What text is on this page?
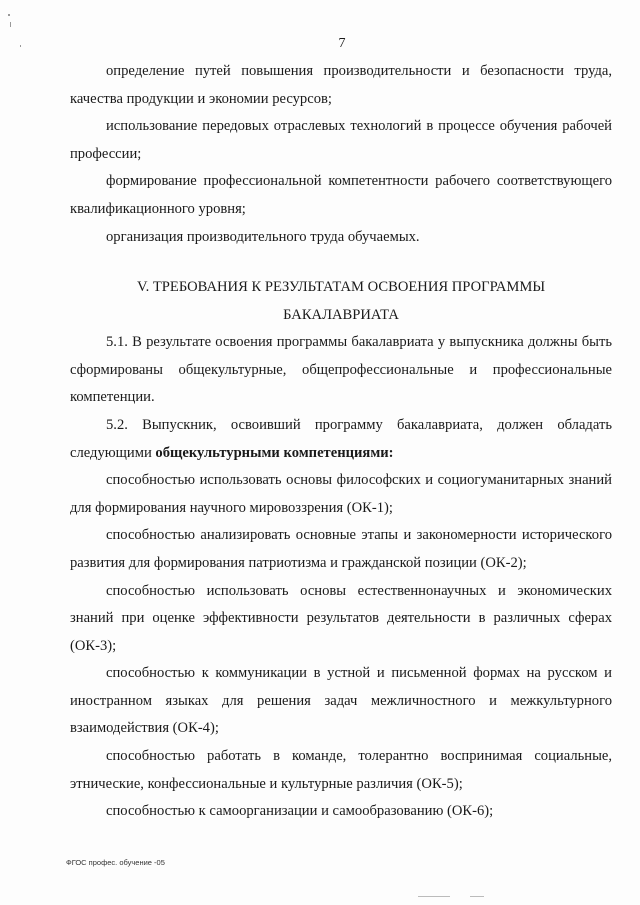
7

определение путей повышения производительности и безопасности труда, качества продукции и экономии ресурсов;

использование передовых отраслевых технологий в процессе обучения рабочей профессии;

формирование профессиональной компетентности рабочего соответствующего квалификационного уровня;

организация производительного труда обучаемых.

V. ТРЕБОВАНИЯ К РЕЗУЛЬТАТАМ ОСВОЕНИЯ ПРОГРАММЫ
БАКАЛАВРИАТА

5.1. В результате освоения программы бакалавриата у выпускника должны быть сформированы общекультурные, общепрофессиональные и профессиональные компетенции.

5.2. Выпускник, освоивший программу бакалавриата, должен обладать следующими общекультурными компетенциями:

способностью использовать основы философских и социогуманитарных знаний для формирования научного мировоззрения (ОК-1);

способностью анализировать основные этапы и закономерности исторического развития для формирования патриотизма и гражданской позиции (ОК-2);

способностью использовать основы естественнонаучных и экономических знаний при оценке эффективности результатов деятельности в различных сферах (ОК-3);

способностью к коммуникации в устной и письменной формах на русском и иностранном языках для решения задач межличностного и межкультурного взаимодействия (ОК-4);

способностью работать в команде, толерантно воспринимая социальные, этнические, конфессиональные и культурные различия (ОК-5);

способностью к самоорганизации и самообразованию (ОК-6);

ФГОС профес. обучение -05
